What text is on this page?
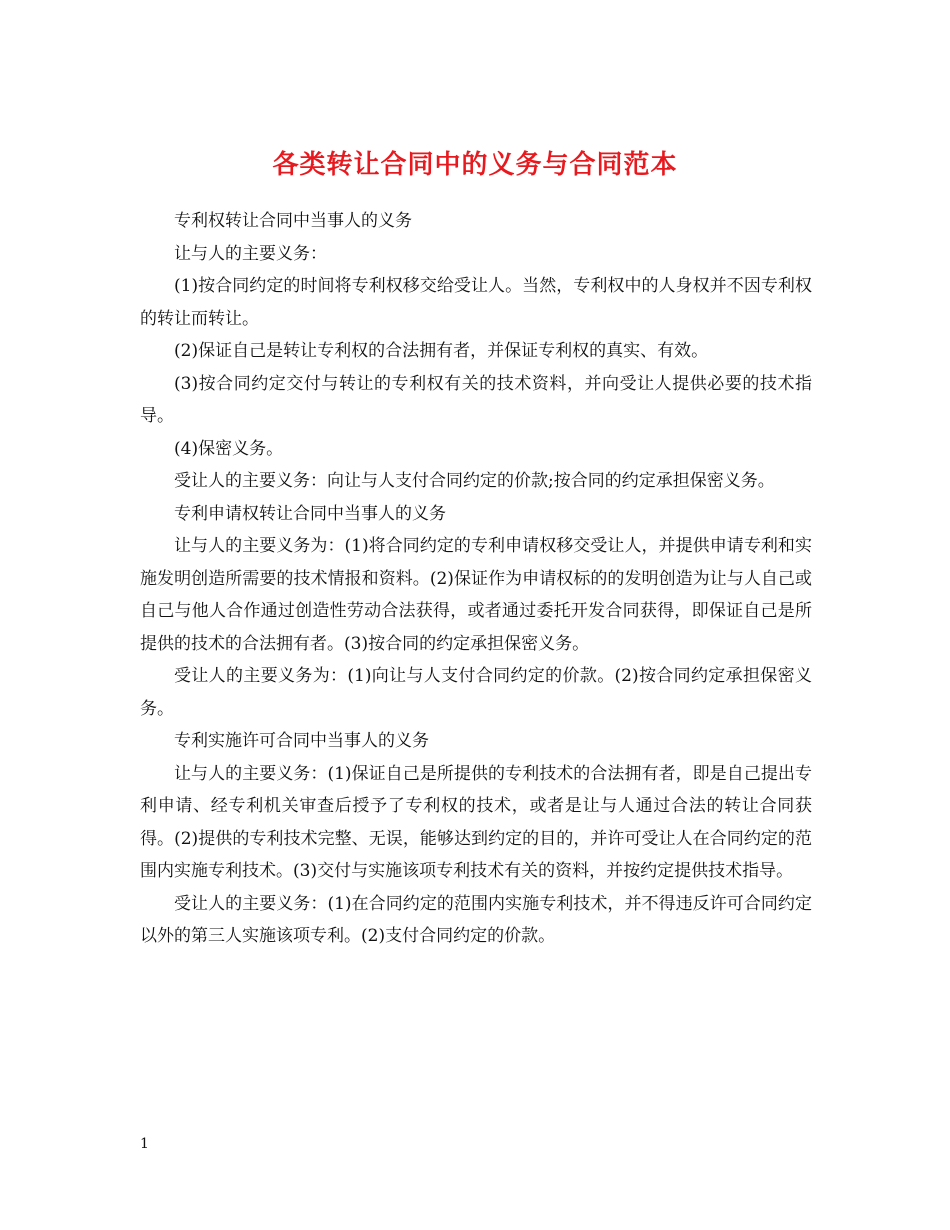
各类转让合同中的义务与合同范本

专利权转让合同中当事人的义务

让与人的主要义务：

(1)按合同约定的时间将专利权移交给受让人。当然，专利权中的人身权并不因专利权的转让而转让。

(2)保证自己是转让专利权的合法拥有者，并保证专利权的真实、有效。

(3)按合同约定交付与转让的专利权有关的技术资料，并向受让人提供必要的技术指导。

(4)保密义务。

受让人的主要义务：向让与人支付合同约定的价款;按合同的约定承担保密义务。

专利申请权转让合同中当事人的义务

让与人的主要义务为：(1)将合同约定的专利申请权移交受让人，并提供申请专利和实施发明创造所需要的技术情报和资料。(2)保证作为申请权标的的发明创造为让与人自己或自己与他人合作通过创造性劳动合法获得，或者通过委托开发合同获得，即保证自己是所提供的技术的合法拥有者。(3)按合同的约定承担保密义务。

受让人的主要义务为：(1)向让与人支付合同约定的价款。(2)按合同约定承担保密义务。

专利实施许可合同中当事人的义务

让与人的主要义务：(1)保证自己是所提供的专利技术的合法拥有者，即是自己提出专利申请、经专利机关审查后授予了专利权的技术，或者是让与人通过合法的转让合同获得。(2)提供的专利技术完整、无误，能够达到约定的目的，并许可受让人在合同约定的范围内实施专利技术。(3)交付与实施该项专利技术有关的资料，并按约定提供技术指导。

受让人的主要义务：(1)在合同约定的范围内实施专利技术，并不得违反许可合同约定以外的第三人实施该项专利。(2)支付合同约定的价款。

1
